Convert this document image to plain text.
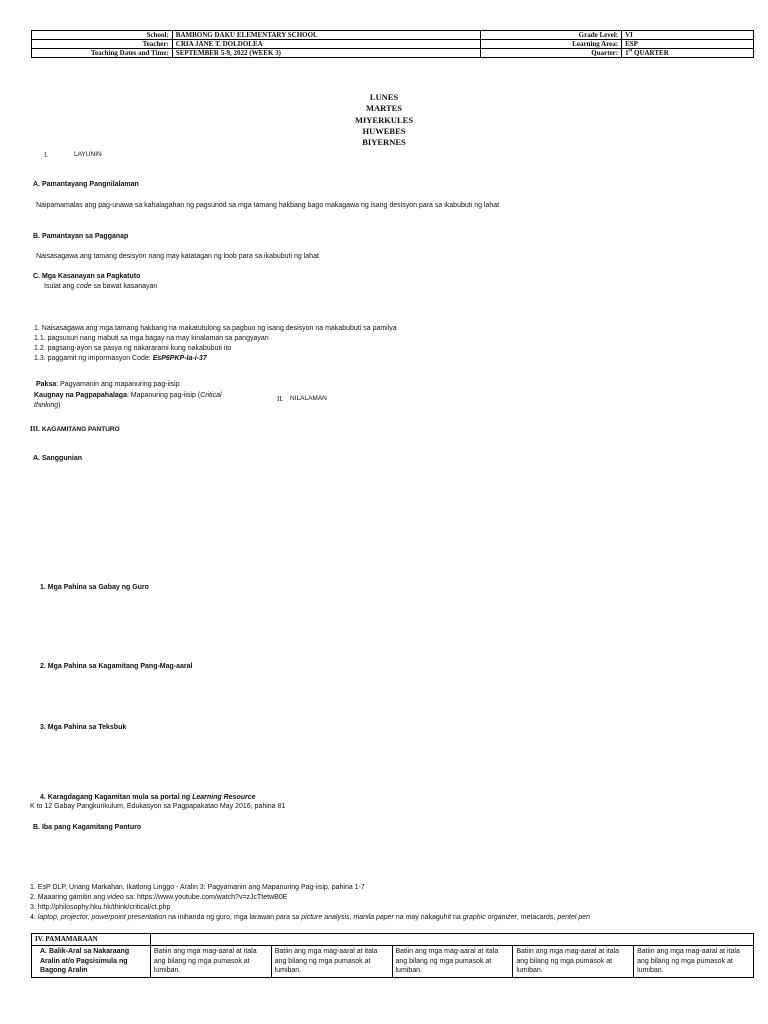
School:	BAMBONG DAKU ELEMENTARY SCHOOL	Grade Level:	VI
Teacher:	CRIA JANE T. DOLDOLEA	Learning Area:	ESP
Teaching Dates and Time:	SEPTEMBER 5-9, 2022 (WEEK 3)	Quarter:	1st QUARTER
LUNES
MARTES
MIYERKULES
HUWEBES
BIYERNES
I.	LAYUNIN
A. Pamantayang Pangnilalaman
Naipamamalas ang pag-unawa sa kahalagahan ng pagsunod sa mga tamang hakbang bago makagawa ng isang desisyon para sa ikabubuti ng lahat
B. Pamantayan sa Pagganap
Naisasagawa ang tamang desisyon nang may katatagan ng loob para sa ikabubuti ng lahat
C. Mga Kasanayan sa Pagkatuto
Isulat ang code sa bawat kasanayan
1. Naisasagawa ang mga tamang hakbang na makatutulong sa pagbuo ng isang desisyon na makabubuti sa pamilya
1.1. pagsusuri nang mabuti sa mga bagay na may kinalaman sa pangyayari
1.2. pagsang-ayon sa pasya ng nakararami kung nakabubuti ito
1.3. paggamit ng impormasyon Code: EsP6PKP-Ia-i-37
Paksa: Pagyamanin ang mapanuring pag-iisip
Kaugnay na Pagpapahalaga: Mapanuring pag-iisip (Critical thinking)
II. NILALAMAN
III. KAGAMITANG PANTURO
A. Sanggunian
1. Mga Pahina sa Gabay ng Guro
2. Mga Pahina sa Kagamitang Pang-Mag-aaral
3. Mga Pahina sa Teksbuk
4. Karagdagang Kagamitan mula sa portal ng Learning Resource
K to 12 Gabay Pangkurikulum, Edukasyon sa Pagpapakatao May 2016, pahina 81
B. Iba pang Kagamitang Panturo
1. EsP DLP, Unang Markahan, Ikatlong Linggo - Aralin 3: Pagyamanin ang Mapanuring Pag-iisip, pahina 1-7
2. Maaaring gamitin ang video sa: https://www.youtube.com/watch?v=zJcTtetwB0E
3. http://philosophy.hku.hk/think/critical/ct.php
4. laptop, projector, powerpoint presentation na inihanda ng guro, mga larawan para sa picture analysis, manila paper na may nakaguhit na graphic organizer, metacards, pentel pen
IV. PAMAMARAAN					
A. Balik-Aral sa Nakaraang Aralin at/o Pagsisimula ng Bagong Aralin	Batiin ang mga mag-aaral at itala ang bilang ng mga pumasok at lumiban.	Batiin ang mga mag-aaral at itala ang bilang ng mga pumasok at lumiban.	Batiin ang mga mag-aaral at itala ang bilang ng mga pumasok at lumiban.	Batiin ang mga mag-aaral at itala ang bilang ng mga pumasok at lumiban.	Batiin ang mga mag-aaral at itala ang bilang ng mga pumasok at lumiban.
